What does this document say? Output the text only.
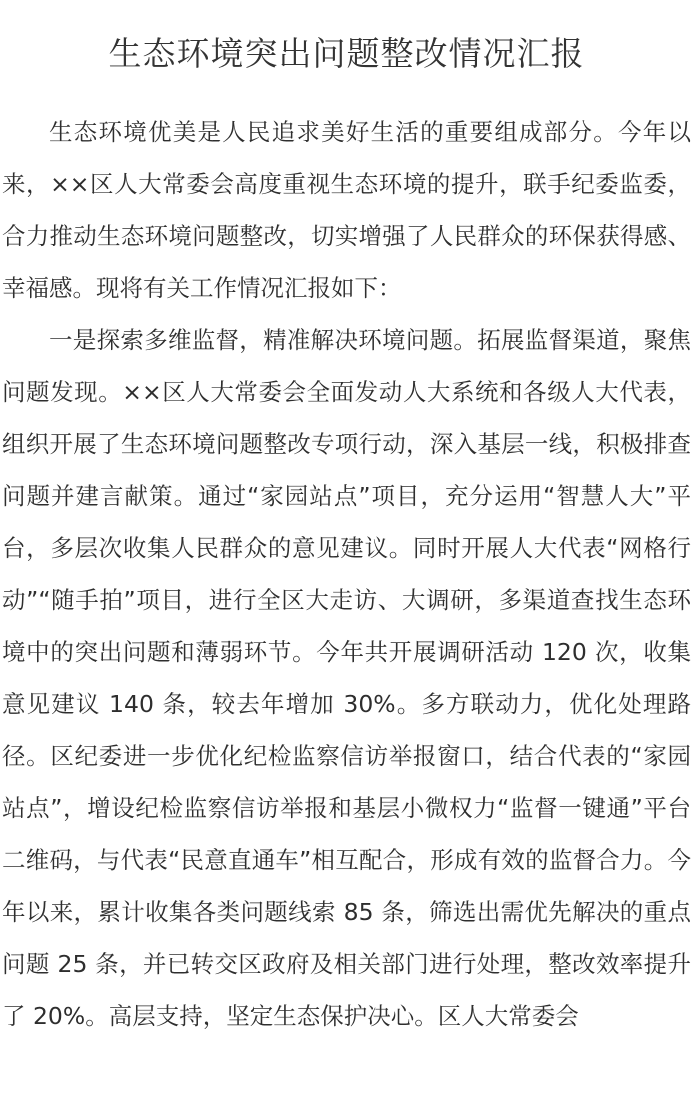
生态环境突出问题整改情况汇报

生态环境优美是人民追求美好生活的重要组成部分。今年以来，××区人大常委会高度重视生态环境的提升，联手纪委监委，合力推动生态环境问题整改，切实增强了人民群众的环保获得感、幸福感。现将有关工作情况汇报如下：

一是探索多维监督，精准解决环境问题。拓展监督渠道，聚焦问题发现。××区人大常委会全面发动人大系统和各级人大代表，组织开展了生态环境问题整改专项行动，深入基层一线，积极排查问题并建言献策。通过“家园站点”项目，充分运用“智慧人大”平台，多层次收集人民群众的意见建议。同时开展人大代表“网格行动”“随手拍”项目，进行全区大走访、大调研，多渠道查找生态环境中的突出问题和薄弱环节。今年共开展调研活动 120 次，收集意见建议 140 条，较去年增加 30%。多方联动力，优化处理路径。区纪委进一步优化纪检监察信访举报窗口，结合代表的“家园站点”，增设纪检监察信访举报和基层小微权力“监督一键通”平台二维码，与代表“民意直通车”相互配合，形成有效的监督合力。今年以来，累计收集各类问题线索 85 条，筛选出需优先解决的重点问题 25 条，并已转交区政府及相关部门进行处理，整改效率提升了 20%。高层支持，坚定生态保护决心。区人大常委会
